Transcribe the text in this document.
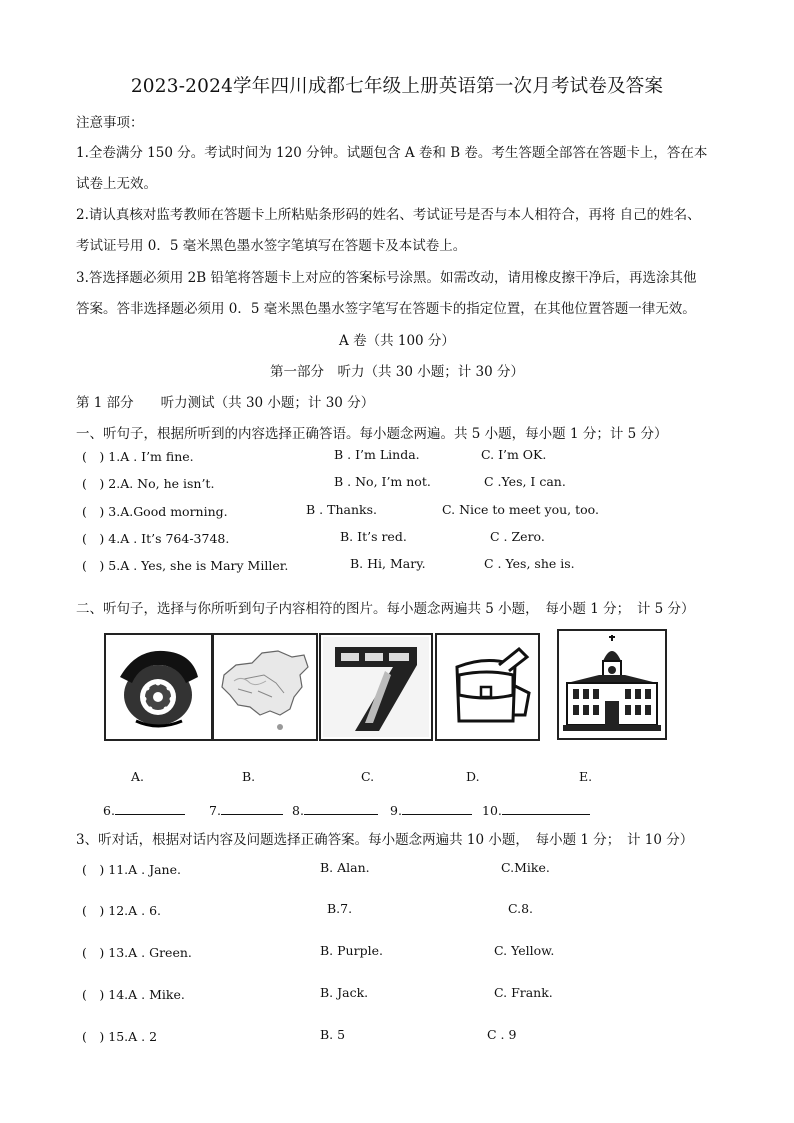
2023-2024学年四川成都七年级上册英语第一次月考试卷及答案
注意事项：
1.全卷满分 150 分。考试时间为 120 分钟。试题包含 A 卷和 B 卷。考生答题全部答在答题卡上，答在本
试卷上无效。
2.请认真核对监考教师在答题卡上所粘贴条形码的姓名、考试证号是否与本人相符合，再将 自己的姓名、
考试证号用 0．5 毫米黑色墨水签字笔填写在答题卡及本试卷上。
3.答选择题必须用 2B 铅笔将答题卡上对应的答案标号涂黑。如需改动，请用橡皮擦干净后，再选涂其他
答案。答非选择题必须用 0．5 毫米黑色墨水签字笔写在答题卡的指定位置，在其他位置答题一律无效。
A 卷（共 100 分）
第一部分　听力（共 30 小题；计 30 分）
第 1 部分　　听力测试（共 30 小题；计 30 分）
一、听句子，根据所听到的内容选择正确答语。每小题念两遍。共 5 小题，每小题 1 分；计 5 分）
(　) 1.A . I’m fine.	B . I’m Linda.	C. I’m OK.
(　) 2.A. No, he isn’t.	B . No, I’m not.	C .Yes, I can.
(　) 3.A.Good morning.	B . Thanks.	C. Nice to meet you, too.
(　) 4.A . It’s 764-3748.	B. It’s red.	C . Zero.
(　) 5.A . Yes, she is Mary Miller.	B. Hi, Mary.	C . Yes, she is.
二、听句子，选择与你所听到句子内容相符的图片。每小题念两遍共 5 小题，　每小题 1 分；　计 5 分）
A.	B.	C.	D.	E.
6.	7.	8.	9.	10.
3、听对话，根据对话内容及问题选择正确答案。每小题念两遍共 10 小题，　每小题 1 分；　计 10 分）
(　) 11.A . Jane.	B. Alan.	C.Mike.
(　) 12.A . 6.	B.7.	C.8.
(　) 13.A . Green.	B. Purple.	C. Yellow.
(　) 14.A . Mike.	B. Jack.	C. Frank.
(　) 15.A . 2	B. 5	C . 9
